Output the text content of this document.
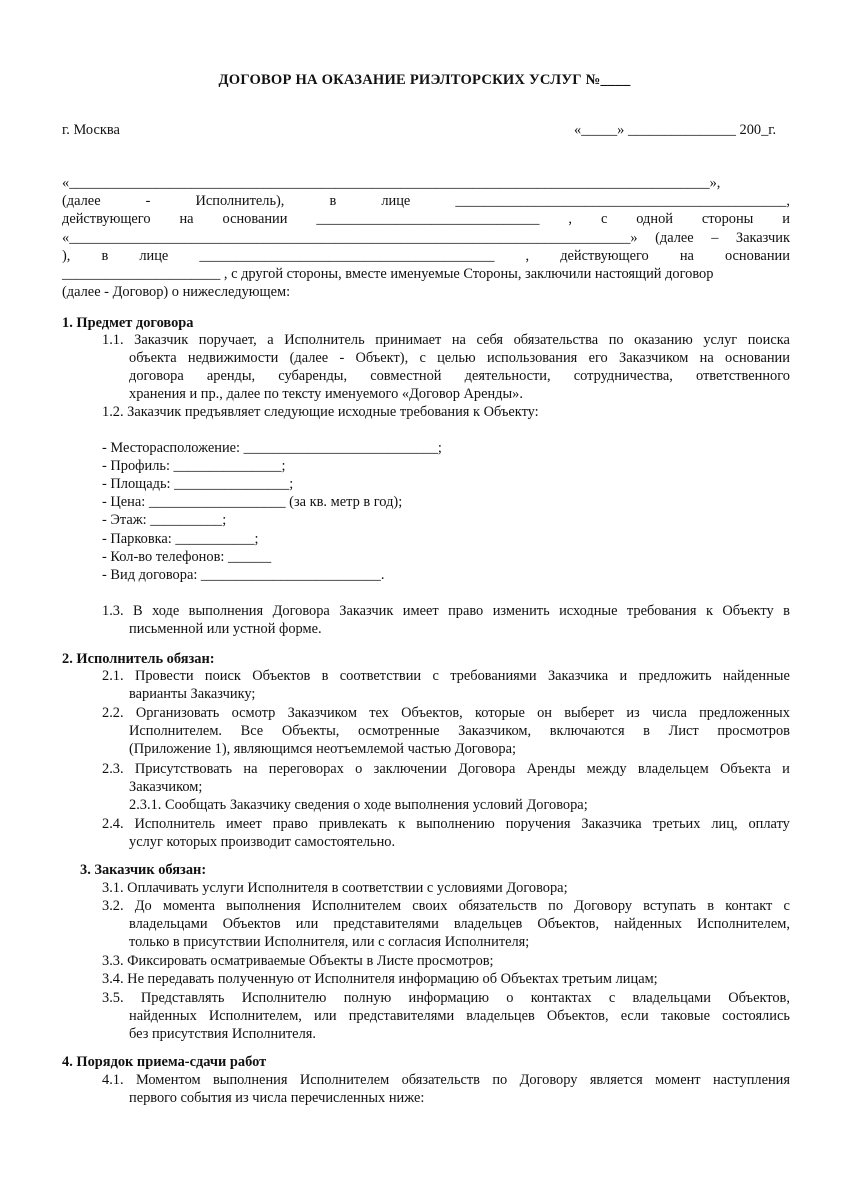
ДОГОВОР НА ОКАЗАНИЕ РИЭЛТОРСКИХ УСЛУГ №____
г. Москва	«_____» _______________ 200_г.
«_________________________________________________________________________________________»,
(далее	-	Исполнитель),	в	лице	______________________________________________,
действующего на основании _______________________________ , с одной стороны и
«______________________________________________________________________________» (далее – Заказчик
), в лице _________________________________________ , действующего на основании
______________________ , с другой стороны, вместе именуемые Стороны, заключили настоящий договор
(далее - Договор) о нижеследующем:
1. Предмет договора
1.1. Заказчик поручает, а Исполнитель принимает на себя обязательства по оказанию услуг поиска
объекта недвижимости (далее - Объект), с целью использования его Заказчиком на основании
договора аренды, субаренды, совместной деятельности, сотрудничества, ответственного
хранения и пр., далее по тексту именуемого «Договор Аренды».
1.2. Заказчик предъявляет следующие исходные требования к Объекту:
- Месторасположение: ___________________________;
- Профиль: _______________;
- Площадь: ________________;
- Цена: ___________________ (за кв. метр в год);
- Этаж: __________;
- Парковка: ___________;
- Кол-во телефонов: ______
- Вид договора: _________________________.
1.3. В ходе выполнения Договора Заказчик имеет право изменить исходные требования к Объекту в
письменной или устной форме.
2. Исполнитель обязан:
2.1. Провести поиск Объектов в соответствии с требованиями Заказчика и предложить найденные
варианты Заказчику;
2.2. Организовать осмотр Заказчиком тех Объектов, которые он выберет из числа предложенных
Исполнителем. Все Объекты, осмотренные Заказчиком, включаются в Лист просмотров
(Приложение 1), являющимся неотъемлемой частью Договора;
2.3. Присутствовать на переговорах о заключении Договора Аренды между владельцем Объекта и
Заказчиком;
2.3.1. Сообщать Заказчику сведения о ходе выполнения условий Договора;
2.4. Исполнитель имеет право привлекать к выполнению поручения Заказчика третьих лиц, оплату
услуг которых производит самостоятельно.
3. Заказчик обязан:
3.1. Оплачивать услуги Исполнителя в соответствии с условиями Договора;
3.2. До момента выполнения Исполнителем своих обязательств по Договору вступать в контакт с
владельцами Объектов или представителями владельцев Объектов, найденных Исполнителем,
только в присутствии Исполнителя, или с согласия Исполнителя;
3.3. Фиксировать осматриваемые Объекты в Листе просмотров;
3.4. Не передавать полученную от Исполнителя информацию об Объектах третьим лицам;
3.5. Представлять Исполнителю полную информацию о контактах с владельцами Объектов,
найденных Исполнителем, или представителями владельцев Объектов, если таковые состоялись
без присутствия Исполнителя.
4. Порядок приема-сдачи работ
4.1. Моментом выполнения Исполнителем обязательств по Договору является момент наступления
первого события из числа перечисленных ниже:
